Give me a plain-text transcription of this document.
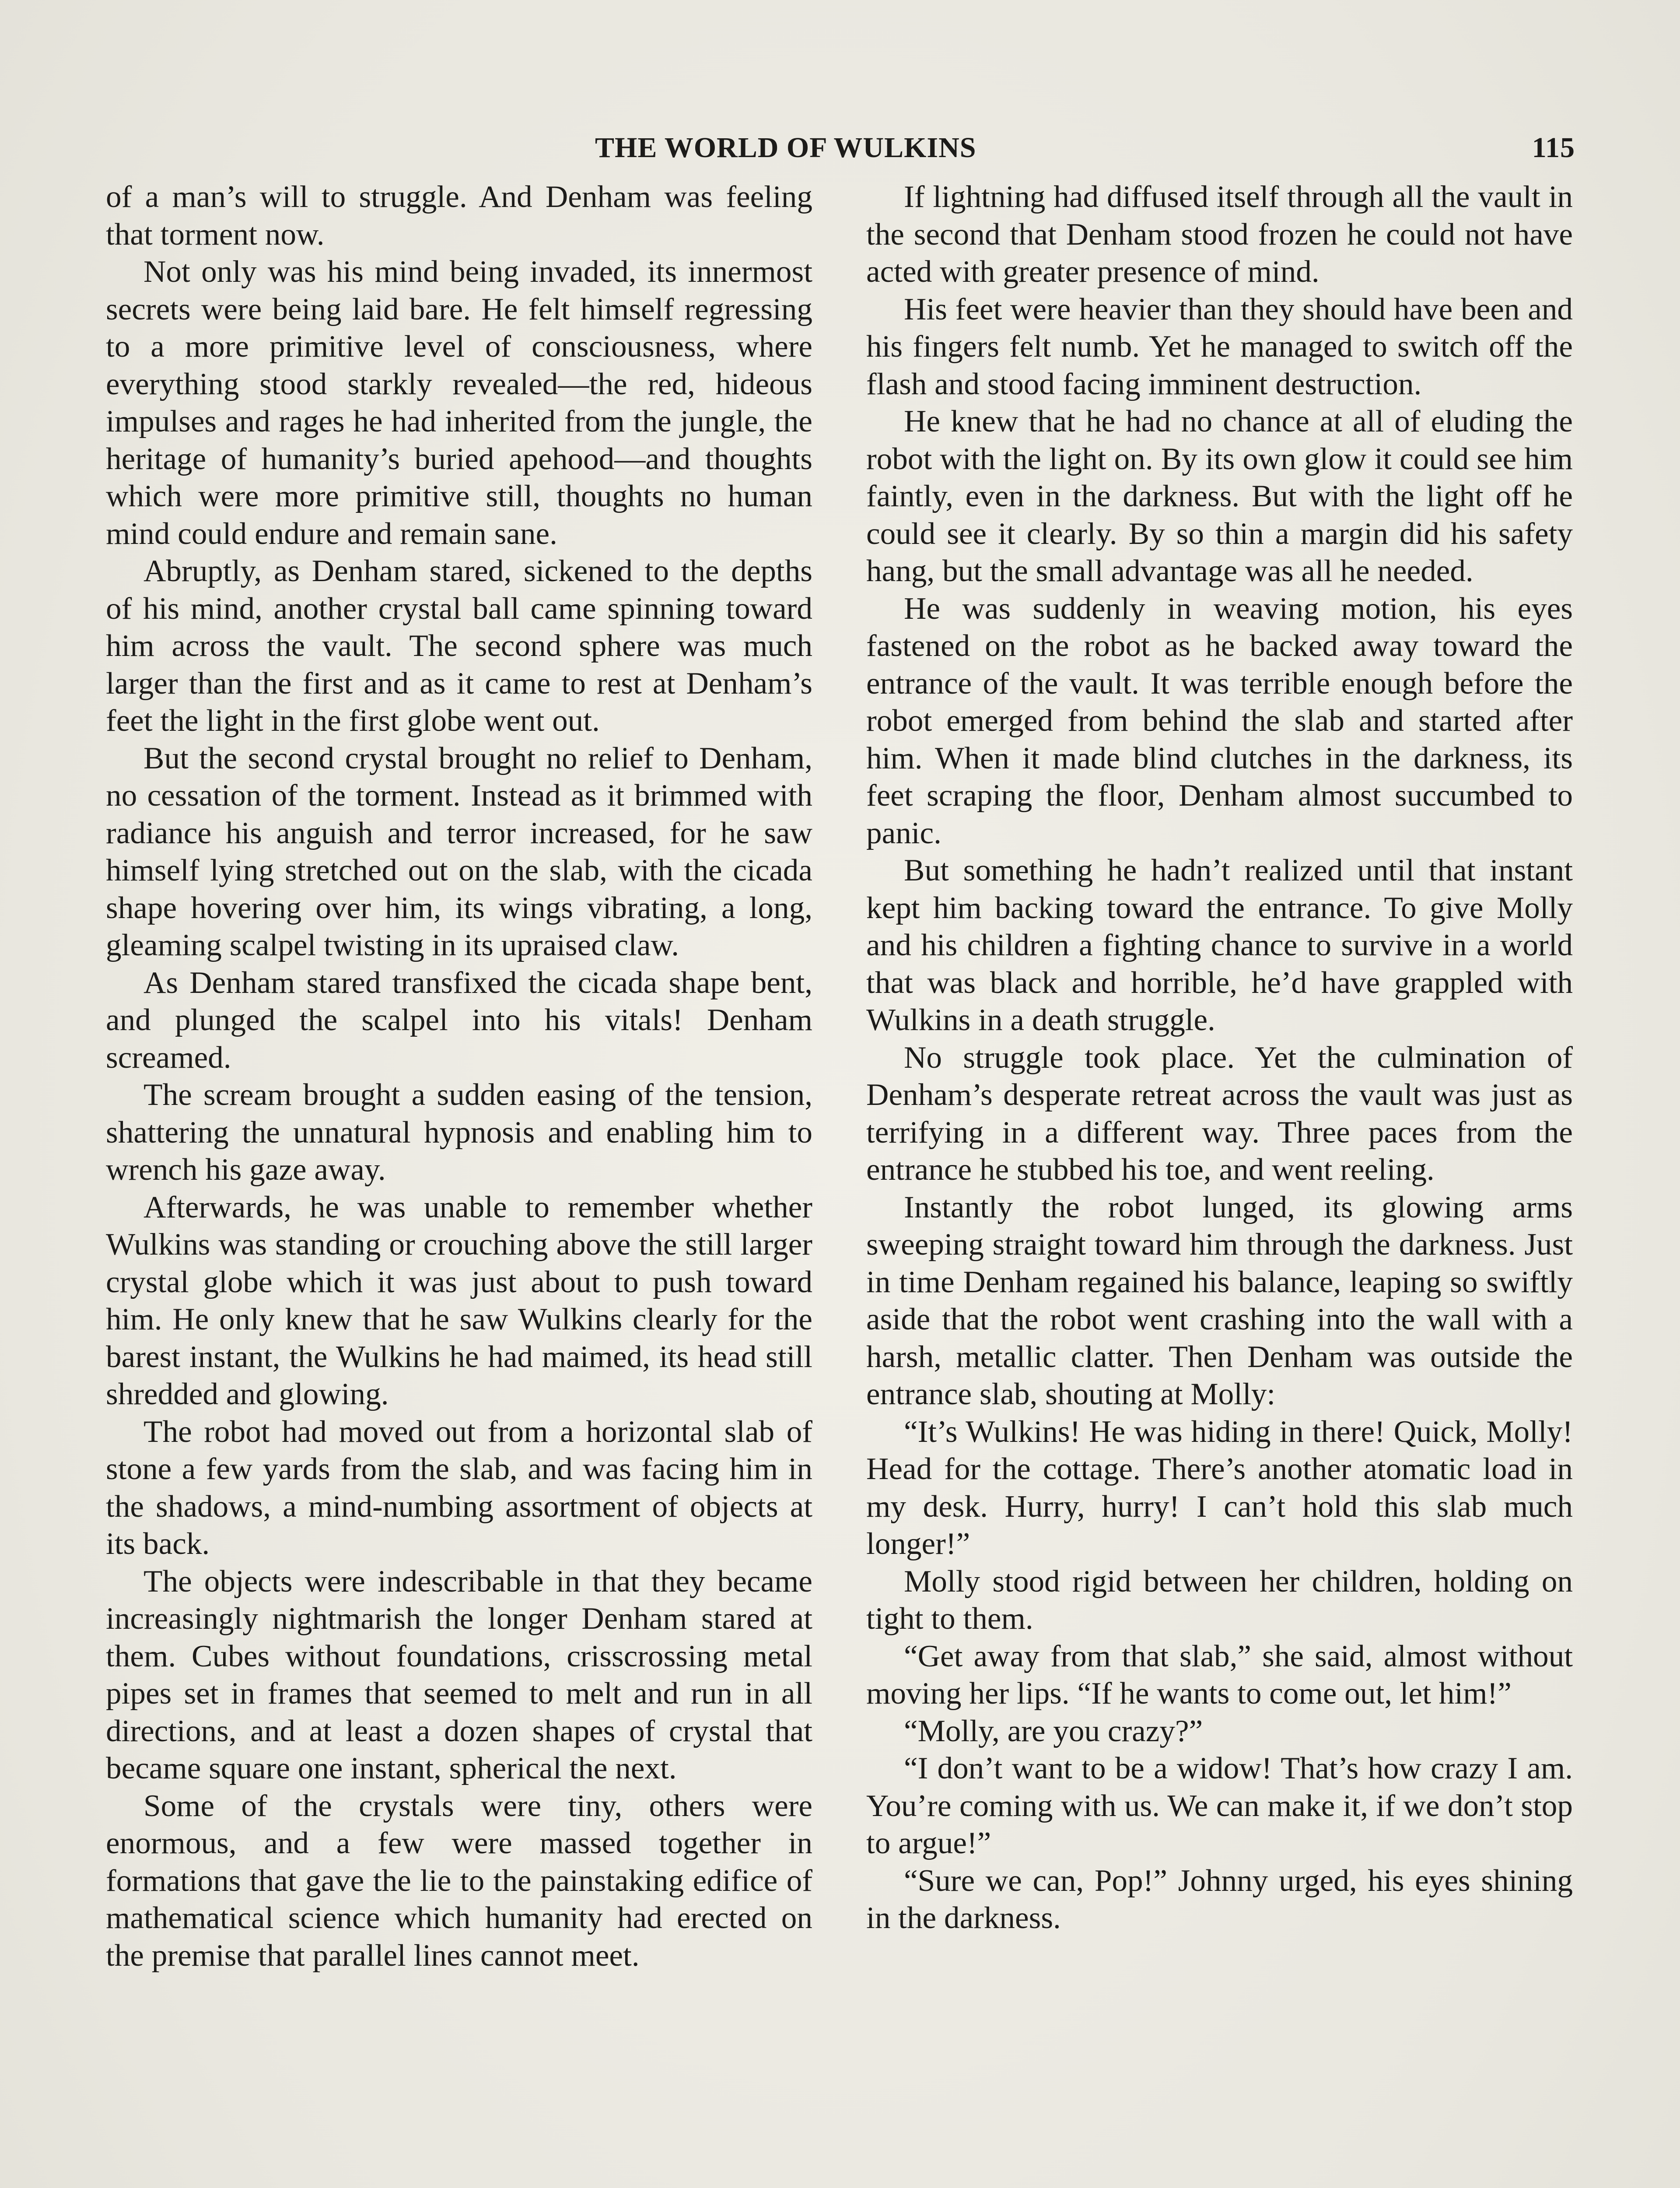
THE WORLD OF WULKINS	115

of a man’s will to struggle. And Denham was feeling that torment now.

Not only was his mind being invaded, its innermost secrets were being laid bare. He felt himself regressing to a more primitive level of consciousness, where everything stood starkly revealed—the red, hideous impulses and rages he had inherited from the jungle, the heritage of humanity’s buried apehood—and thoughts which were more primitive still, thoughts no human mind could endure and remain sane.

Abruptly, as Denham stared, sickened to the depths of his mind, another crystal ball came spinning toward him across the vault. The second sphere was much larger than the first and as it came to rest at Denham’s feet the light in the first globe went out.

But the second crystal brought no relief to Denham, no cessation of the torment. Instead as it brimmed with radiance his anguish and terror increased, for he saw himself lying stretched out on the slab, with the cicada shape hovering over him, its wings vibrating, a long, gleaming scalpel twisting in its upraised claw.

As Denham stared transfixed the cicada shape bent, and plunged the scalpel into his vitals! Denham screamed.

The scream brought a sudden easing of the tension, shattering the unnatural hypnosis and enabling him to wrench his gaze away.

Afterwards, he was unable to remember whether Wulkins was standing or crouching above the still larger crystal globe which it was just about to push toward him. He only knew that he saw Wulkins clearly for the barest instant, the Wulkins he had maimed, its head still shredded and glowing.

The robot had moved out from a horizontal slab of stone a few yards from the slab, and was facing him in the shadows, a mind-numbing assortment of objects at its back.

The objects were indescribable in that they became increasingly nightmarish the longer Denham stared at them. Cubes without foundations, crisscrossing metal pipes set in frames that seemed to melt and run in all directions, and at least a dozen shapes of crystal that became square one instant, spherical the next.

Some of the crystals were tiny, others were enormous, and a few were massed together in formations that gave the lie to the painstaking edifice of mathematical science which humanity had erected on the premise that parallel lines cannot meet.

If lightning had diffused itself through all the vault in the second that Denham stood frozen he could not have acted with greater presence of mind.

His feet were heavier than they should have been and his fingers felt numb. Yet he managed to switch off the flash and stood facing imminent destruction.

He knew that he had no chance at all of eluding the robot with the light on. By its own glow it could see him faintly, even in the darkness. But with the light off he could see it clearly. By so thin a margin did his safety hang, but the small advantage was all he needed.

He was suddenly in weaving motion, his eyes fastened on the robot as he backed away toward the entrance of the vault. It was terrible enough before the robot emerged from behind the slab and started after him. When it made blind clutches in the darkness, its feet scraping the floor, Denham almost succumbed to panic.

But something he hadn’t realized until that instant kept him backing toward the entrance. To give Molly and his children a fighting chance to survive in a world that was black and horrible, he’d have grappled with Wulkins in a death struggle.

No struggle took place. Yet the culmination of Denham’s desperate retreat across the vault was just as terrifying in a different way. Three paces from the entrance he stubbed his toe, and went reeling.

Instantly the robot lunged, its glowing arms sweeping straight toward him through the darkness. Just in time Denham regained his balance, leaping so swiftly aside that the robot went crashing into the wall with a harsh, metallic clatter. Then Denham was outside the entrance slab, shouting at Molly:

“It’s Wulkins! He was hiding in there! Quick, Molly! Head for the cottage. There’s another atomatic load in my desk. Hurry, hurry! I can’t hold this slab much longer!”

Molly stood rigid between her children, holding on tight to them.

“Get away from that slab,” she said, almost without moving her lips. “If he wants to come out, let him!”

“Molly, are you crazy?”

“I don’t want to be a widow! That’s how crazy I am. You’re coming with us. We can make it, if we don’t stop to argue!”

“Sure we can, Pop!” Johnny urged, his eyes shining in the darkness.
